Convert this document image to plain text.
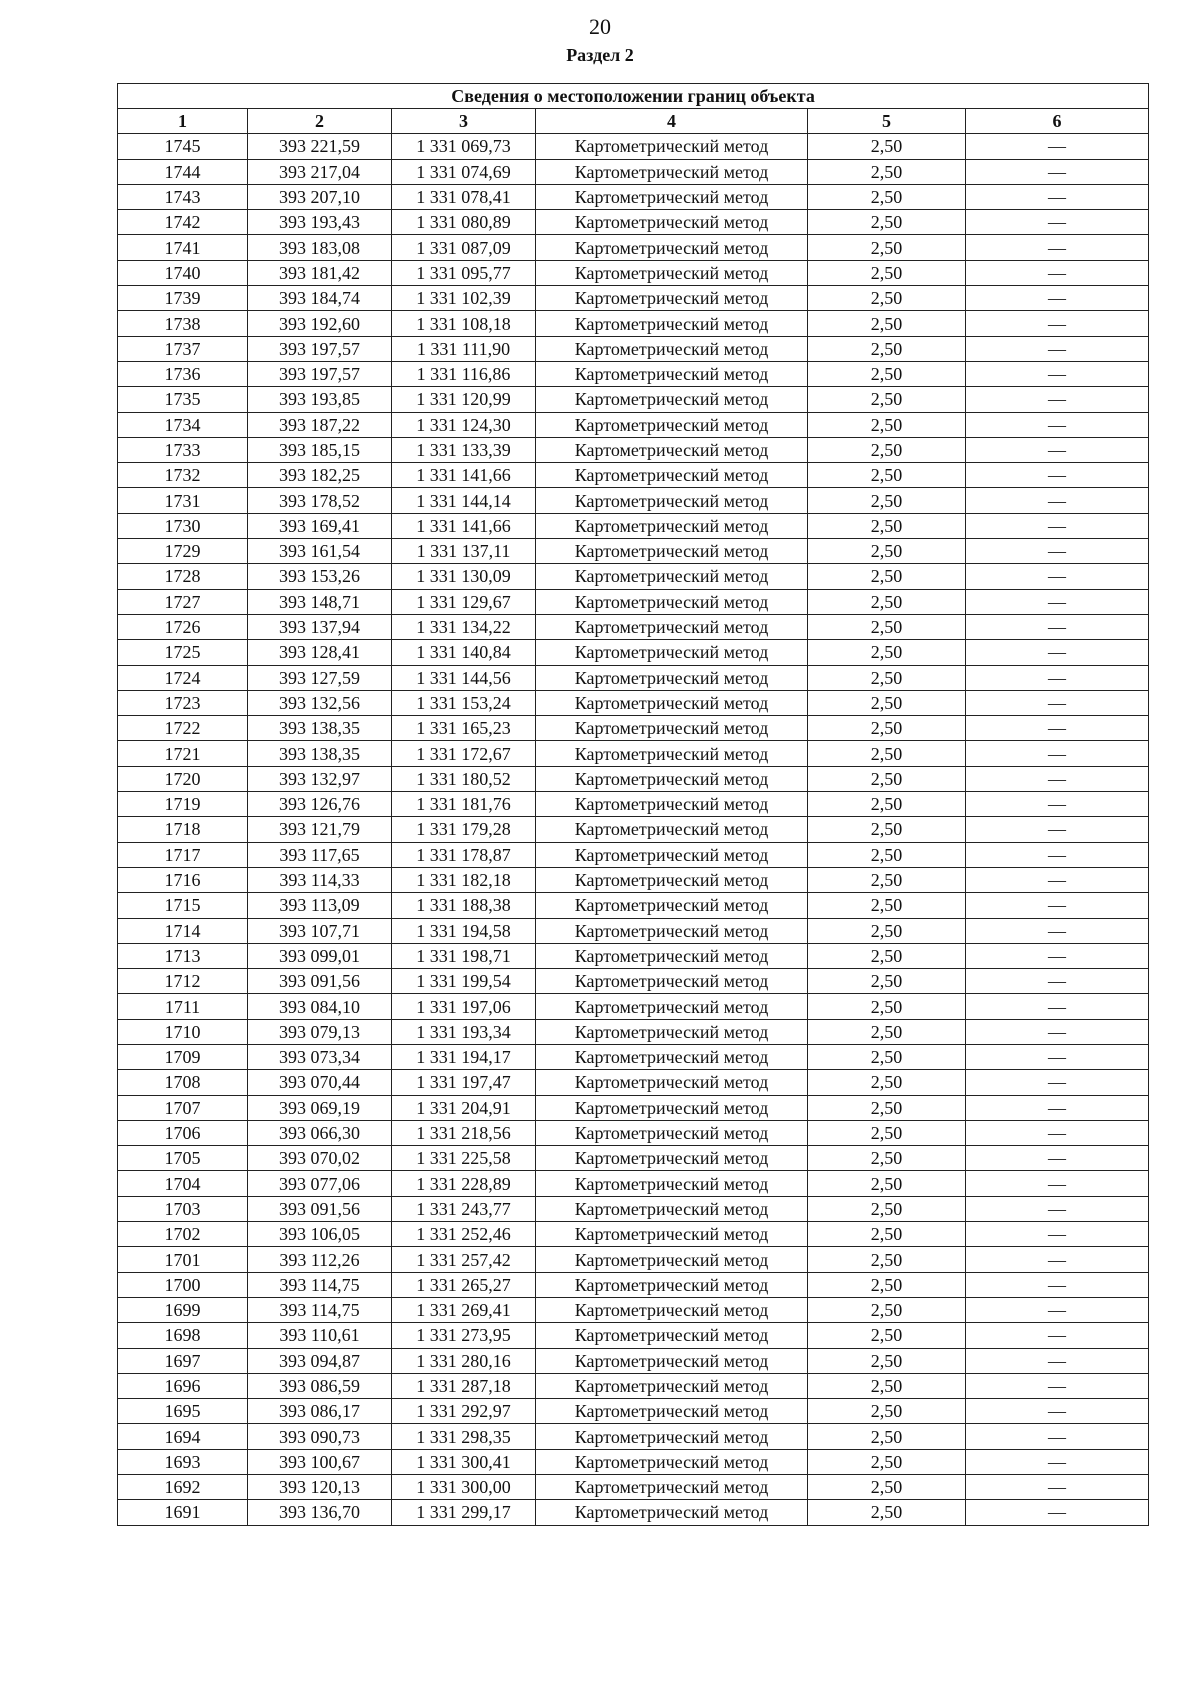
20
Раздел 2
Сведения о местоположении границ объекта					
1	2	3	4	5	6
1745	393 221,59	1 331 069,73	Картометрический метод	2,50	—
1744	393 217,04	1 331 074,69	Картометрический метод	2,50	—
1743	393 207,10	1 331 078,41	Картометрический метод	2,50	—
1742	393 193,43	1 331 080,89	Картометрический метод	2,50	—
1741	393 183,08	1 331 087,09	Картометрический метод	2,50	—
1740	393 181,42	1 331 095,77	Картометрический метод	2,50	—
1739	393 184,74	1 331 102,39	Картометрический метод	2,50	—
1738	393 192,60	1 331 108,18	Картометрический метод	2,50	—
1737	393 197,57	1 331 111,90	Картометрический метод	2,50	—
1736	393 197,57	1 331 116,86	Картометрический метод	2,50	—
1735	393 193,85	1 331 120,99	Картометрический метод	2,50	—
1734	393 187,22	1 331 124,30	Картометрический метод	2,50	—
1733	393 185,15	1 331 133,39	Картометрический метод	2,50	—
1732	393 182,25	1 331 141,66	Картометрический метод	2,50	—
1731	393 178,52	1 331 144,14	Картометрический метод	2,50	—
1730	393 169,41	1 331 141,66	Картометрический метод	2,50	—
1729	393 161,54	1 331 137,11	Картометрический метод	2,50	—
1728	393 153,26	1 331 130,09	Картометрический метод	2,50	—
1727	393 148,71	1 331 129,67	Картометрический метод	2,50	—
1726	393 137,94	1 331 134,22	Картометрический метод	2,50	—
1725	393 128,41	1 331 140,84	Картометрический метод	2,50	—
1724	393 127,59	1 331 144,56	Картометрический метод	2,50	—
1723	393 132,56	1 331 153,24	Картометрический метод	2,50	—
1722	393 138,35	1 331 165,23	Картометрический метод	2,50	—
1721	393 138,35	1 331 172,67	Картометрический метод	2,50	—
1720	393 132,97	1 331 180,52	Картометрический метод	2,50	—
1719	393 126,76	1 331 181,76	Картометрический метод	2,50	—
1718	393 121,79	1 331 179,28	Картометрический метод	2,50	—
1717	393 117,65	1 331 178,87	Картометрический метод	2,50	—
1716	393 114,33	1 331 182,18	Картометрический метод	2,50	—
1715	393 113,09	1 331 188,38	Картометрический метод	2,50	—
1714	393 107,71	1 331 194,58	Картометрический метод	2,50	—
1713	393 099,01	1 331 198,71	Картометрический метод	2,50	—
1712	393 091,56	1 331 199,54	Картометрический метод	2,50	—
1711	393 084,10	1 331 197,06	Картометрический метод	2,50	—
1710	393 079,13	1 331 193,34	Картометрический метод	2,50	—
1709	393 073,34	1 331 194,17	Картометрический метод	2,50	—
1708	393 070,44	1 331 197,47	Картометрический метод	2,50	—
1707	393 069,19	1 331 204,91	Картометрический метод	2,50	—
1706	393 066,30	1 331 218,56	Картометрический метод	2,50	—
1705	393 070,02	1 331 225,58	Картометрический метод	2,50	—
1704	393 077,06	1 331 228,89	Картометрический метод	2,50	—
1703	393 091,56	1 331 243,77	Картометрический метод	2,50	—
1702	393 106,05	1 331 252,46	Картометрический метод	2,50	—
1701	393 112,26	1 331 257,42	Картометрический метод	2,50	—
1700	393 114,75	1 331 265,27	Картометрический метод	2,50	—
1699	393 114,75	1 331 269,41	Картометрический метод	2,50	—
1698	393 110,61	1 331 273,95	Картометрический метод	2,50	—
1697	393 094,87	1 331 280,16	Картометрический метод	2,50	—
1696	393 086,59	1 331 287,18	Картометрический метод	2,50	—
1695	393 086,17	1 331 292,97	Картометрический метод	2,50	—
1694	393 090,73	1 331 298,35	Картометрический метод	2,50	—
1693	393 100,67	1 331 300,41	Картометрический метод	2,50	—
1692	393 120,13	1 331 300,00	Картометрический метод	2,50	—
1691	393 136,70	1 331 299,17	Картометрический метод	2,50	—
